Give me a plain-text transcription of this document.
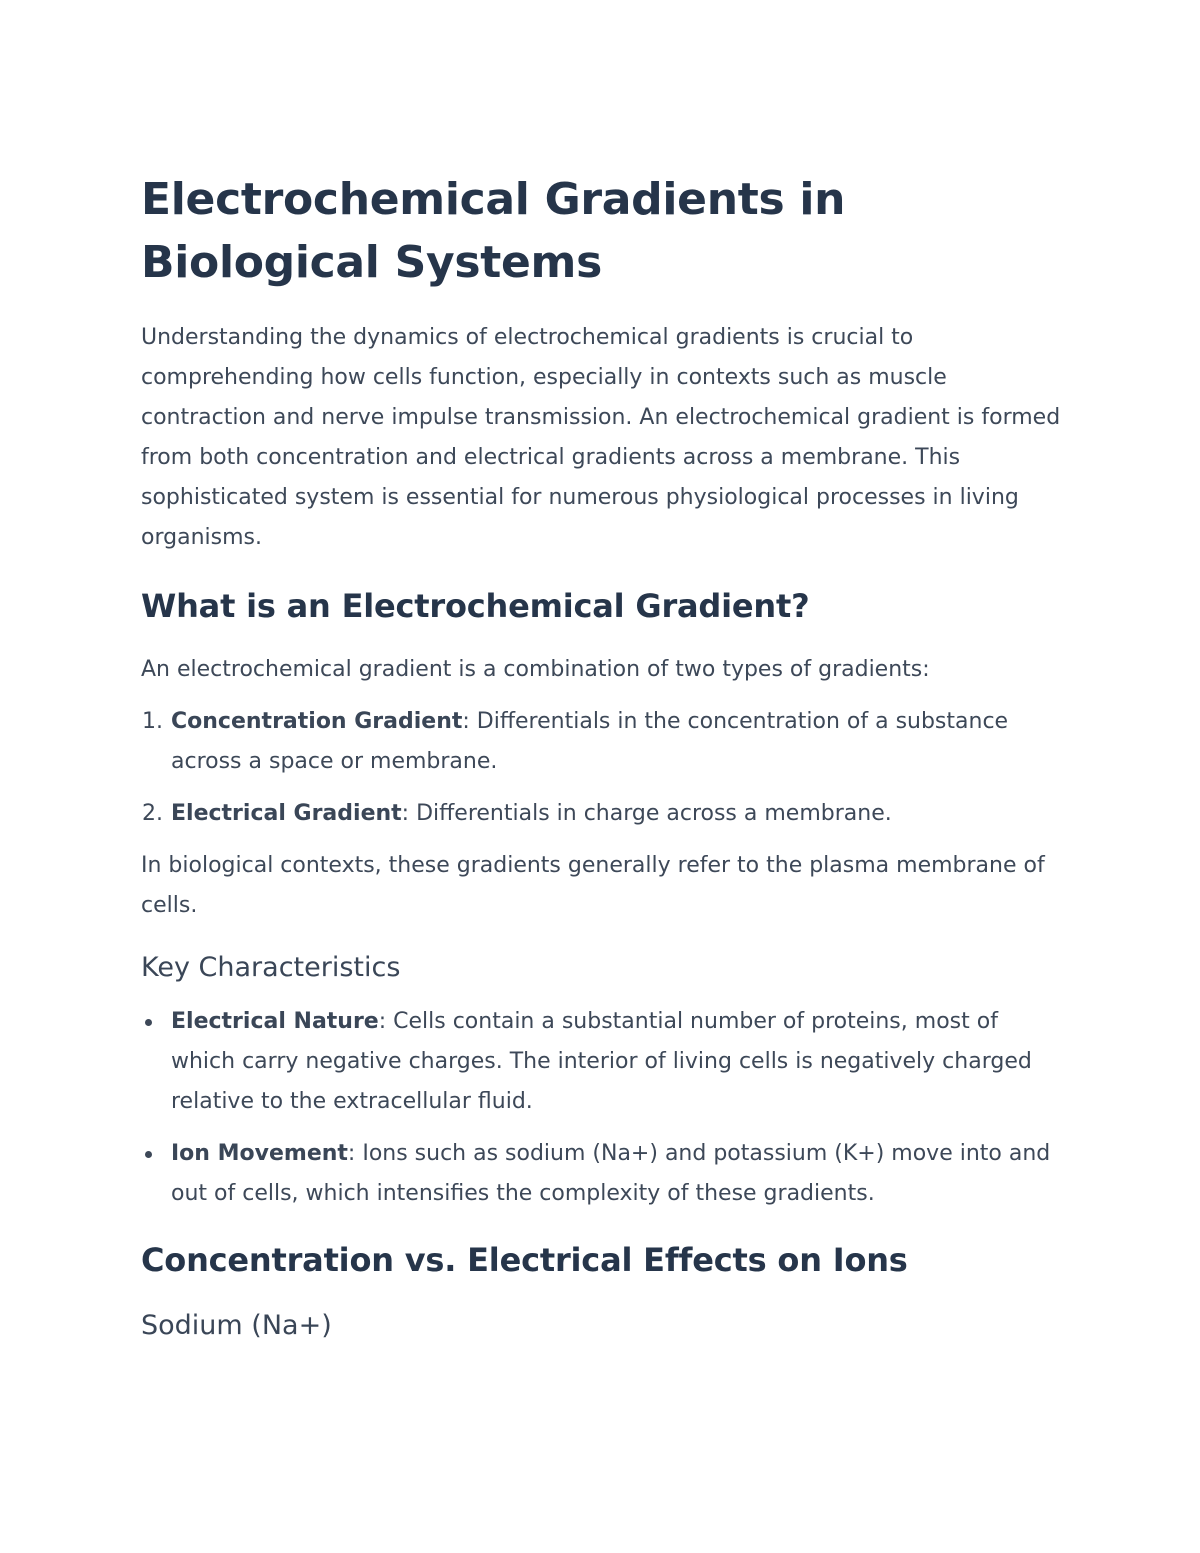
Electrochemical Gradients in Biological Systems

Understanding the dynamics of electrochemical gradients is crucial to comprehending how cells function, especially in contexts such as muscle contraction and nerve impulse transmission. An electrochemical gradient is formed from both concentration and electrical gradients across a membrane. This sophisticated system is essential for numerous physiological processes in living organisms.

What is an Electrochemical Gradient?

An electrochemical gradient is a combination of two types of gradients:

1. Concentration Gradient: Differentials in the concentration of a substance across a space or membrane.
2. Electrical Gradient: Differentials in charge across a membrane.

In biological contexts, these gradients generally refer to the plasma membrane of cells.

Key Characteristics
Electrical Nature: Cells contain a substantial number of proteins, most of which carry negative charges. The interior of living cells is negatively charged relative to the extracellular fluid.
Ion Movement: Ions such as sodium (Na+) and potassium (K+) move into and out of cells, which intensifies the complexity of these gradients.
Concentration vs. Electrical Effects on Ions
Sodium (Na+)
